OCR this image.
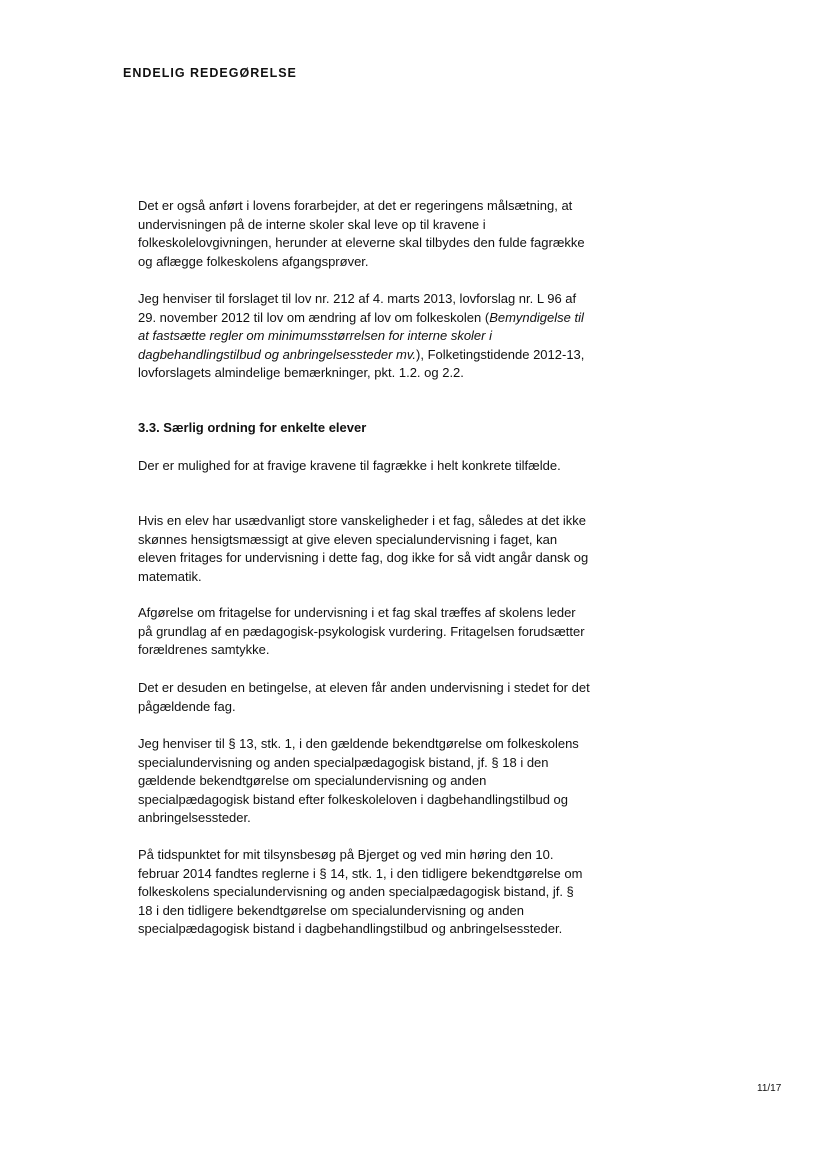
ENDELIG REDEGØRELSE

Det er også anført i lovens forarbejder, at det er regeringens målsætning, at undervisningen på de interne skoler skal leve op til kravene i folkeskolelovgivningen, herunder at eleverne skal tilbydes den fulde fagrække og aflægge folkeskolens afgangsprøver.

Jeg henviser til forslaget til lov nr. 212 af 4. marts 2013, lovforslag nr. L 96 af 29. november 2012 til lov om ændring af lov om folkeskolen (Bemyndigelse til at fastsætte regler om minimumsstørrelsen for interne skoler i dagbehandlingstilbud og anbringelsessteder mv.), Folketingstidende 2012-13, lovforslagets almindelige bemærkninger, pkt. 1.2. og 2.2.

3.3. Særlig ordning for enkelte elever

Der er mulighed for at fravige kravene til fagrække i helt konkrete tilfælde.

Hvis en elev har usædvanligt store vanskeligheder i et fag, således at det ikke skønnes hensigtsmæssigt at give eleven specialundervisning i faget, kan eleven fritages for undervisning i dette fag, dog ikke for så vidt angår dansk og matematik.

Afgørelse om fritagelse for undervisning i et fag skal træffes af skolens leder på grundlag af en pædagogisk-psykologisk vurdering. Fritagelsen forudsætter forældrenes samtykke.

Det er desuden en betingelse, at eleven får anden undervisning i stedet for det pågældende fag.

Jeg henviser til § 13, stk. 1, i den gældende bekendtgørelse om folkeskolens specialundervisning og anden specialpædagogisk bistand, jf. § 18 i den gældende bekendtgørelse om specialundervisning og anden specialpædagogisk bistand efter folkeskoleloven i dagbehandlingstilbud og anbringelsessteder.

På tidspunktet for mit tilsynsbesøg på Bjerget og ved min høring den 10. februar 2014 fandtes reglerne i § 14, stk. 1, i den tidligere bekendtgørelse om folkeskolens specialundervisning og anden specialpædagogisk bistand, jf. § 18 i den tidligere bekendtgørelse om specialundervisning og anden specialpædagogisk bistand i dagbehandlingstilbud og anbringelsessteder.

11/17
